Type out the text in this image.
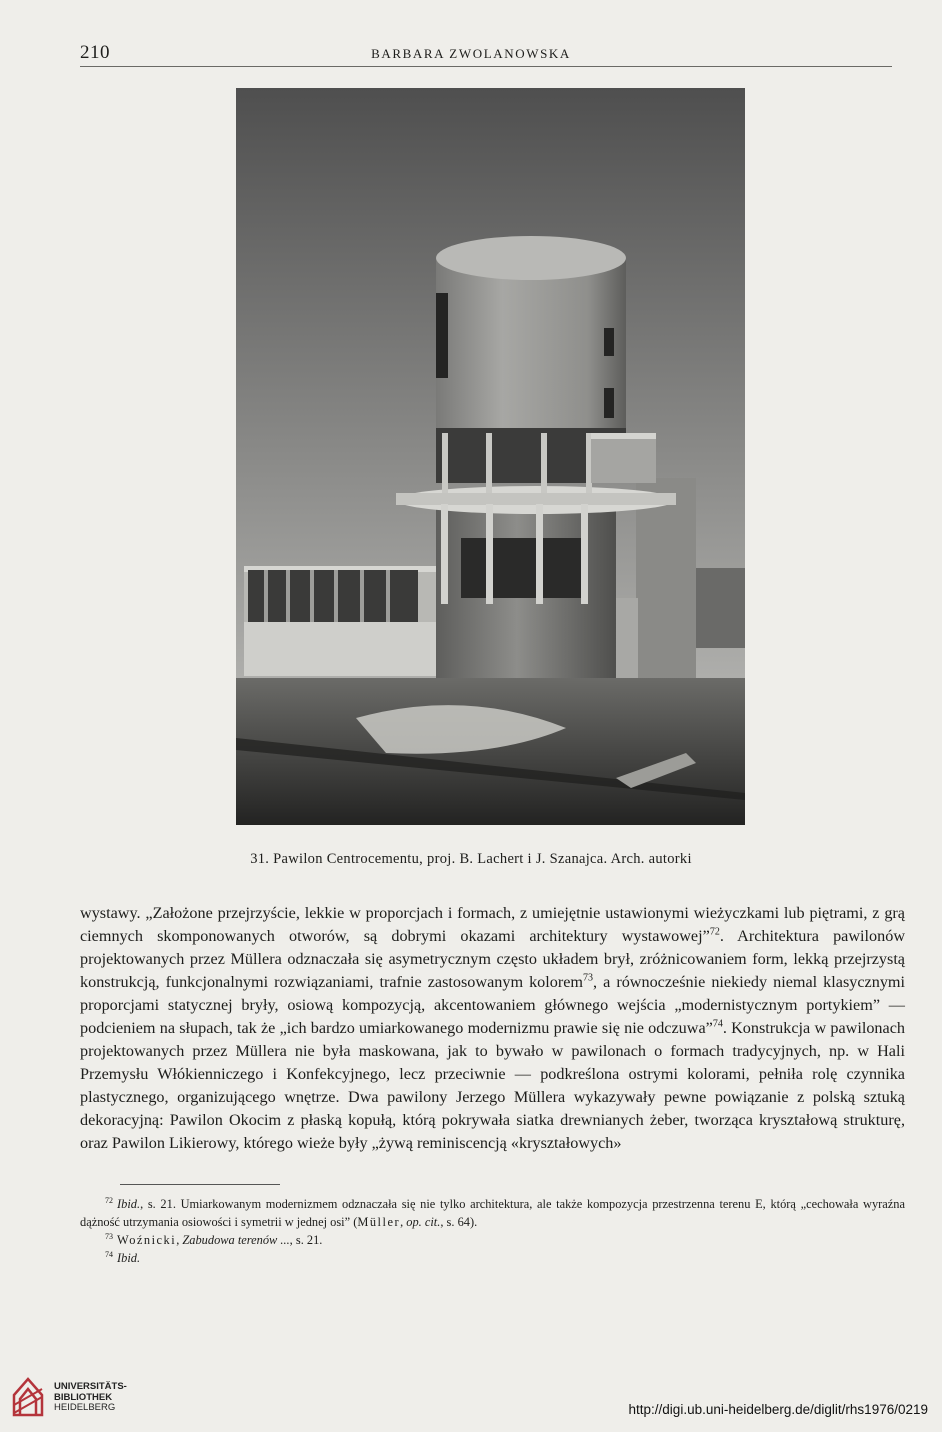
210	BARBARA ZWOLANOWSKA
31. Pawilon Centrocementu, proj. B. Lachert i J. Szanajca. Arch. autorki

wystawy. „Założone przejrzyście, lekkie w proporcjach i formach, z umiejętnie ustawionymi wieżyczkami lub piętrami, z grą ciemnych skomponowanych otworów, są dobrymi okazami architektury wystawowej”$^{72}$. Architektura pawilonów projektowanych przez Müllera odznaczała się asymetrycznym często układem brył, zróżnicowaniem form, lekką przejrzystą konstrukcją, funkcjonalnymi rozwiązaniami, trafnie zastosowanym kolorem$^{73}$, a równocześnie niekiedy niemal klasycznymi proporcjami statycznej bryły, osiową kompozycją, akcentowaniem głównego wejścia „modernistycznym portykiem” — podcieniem na słupach, tak że „ich bardzo umiarkowanego modernizmu prawie się nie odczuwa”$^{74}$. Konstrukcja w pawilonach projektowanych przez Müllera nie była maskowana, jak to bywało w pawilonach o formach tradycyjnych, np. w Hali Przemysłu Włókienniczego i Konfekcyjnego, lecz przeciwnie — podkreślona ostrymi kolorami, pełniła rolę czynnika plastycznego, organizującego wnętrze. Dwa pawilony Jerzego Müllera wykazywały pewne powiązanie z polską sztuką dekoracyjną: Pawilon Okocim z płaską kopułą, którą pokrywała siatka drewnianych żeber, tworząca kryształową strukturę, oraz Pawilon Likierowy, którego wieże były „żywą reminiscencją «kryształowych»

$^{72}$ Ibid., s. 21. Umiarkowanym modernizmem odznaczała się nie tylko architektura, ale także kompozycja przestrzenna terenu E, którą „cechowała wyraźna dążność utrzymania osiowości i symetrii w jednej osi” (Müller, op. cit., s. 64).
$^{73}$ Woźnicki, Zabudowa terenów ..., s. 21.
$^{74}$ Ibid.
UNIVERSITÄTS-
BIBLIOTHEK
HEIDELBERG	http://digi.ub.uni-heidelberg.de/diglit/rhs1976/0219
